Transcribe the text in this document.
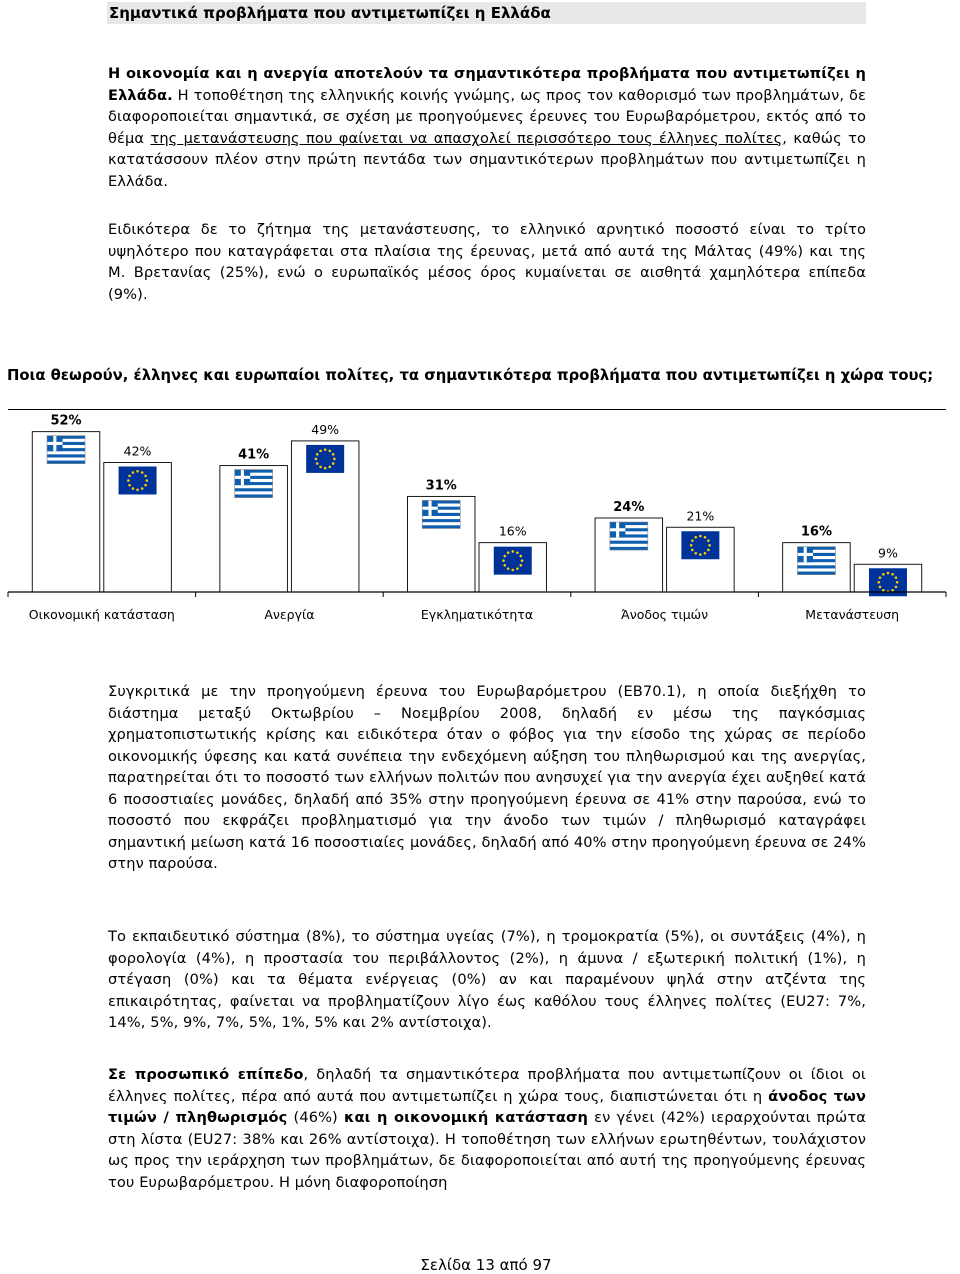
Σημαντικά προβλήματα που αντιμετωπίζει η Ελλάδα
Η οικονομία και η ανεργία αποτελούν τα σημαντικότερα προβλήματα που αντιμετωπίζει η Ελλάδα. Η τοποθέτηση της ελληνικής κοινής γνώμης, ως προς τον καθορισμό των προβλημάτων, δε διαφοροποιείται σημαντικά, σε σχέση με προηγούμενες έρευνες του Ευρωβαρόμετρου, εκτός από το θέμα της μετανάστευσης που φαίνεται να απασχολεί περισσότερο τους έλληνες πολίτες, καθώς το κατατάσσουν πλέον στην πρώτη πεντάδα των σημαντικότερων προβλημάτων που αντιμετωπίζει η Ελλάδα.
Ειδικότερα δε το ζήτημα της μετανάστευσης, το ελληνικό αρνητικό ποσοστό είναι το τρίτο υψηλότερο που καταγράφεται στα πλαίσια της έρευνας, μετά από αυτά της Μάλτας (49%) και της Μ. Βρετανίας (25%), ενώ ο ευρωπαϊκός μέσος όρος κυμαίνεται σε αισθητά χαμηλότερα επίπεδα (9%).
Ποια θεωρούν, έλληνες και ευρωπαίοι πολίτες, τα σημαντικότερα προβλήματα που αντιμετωπίζει η χώρα τους;
52%
42%	41%
49%
31%
16%
24%
21%
16%
9%
Οικονομική κατάσταση	Ανεργία	Εγκληματικότητα	Άνοδος τιμών	Μετανάστευση
Συγκριτικά με την προηγούμενη έρευνα του Ευρωβαρόμετρου (ΕΒ70.1), η οποία διεξήχθη το διάστημα μεταξύ Οκτωβρίου – Νοεμβρίου 2008, δηλαδή εν μέσω της παγκόσμιας χρηματοπιστωτικής κρίσης και ειδικότερα όταν ο φόβος για την είσοδο της χώρας σε περίοδο οικονομικής ύφεσης και κατά συνέπεια την ενδεχόμενη αύξηση του πληθωρισμού και της ανεργίας, παρατηρείται ότι το ποσοστό των ελλήνων πολιτών που ανησυχεί για την ανεργία έχει αυξηθεί κατά 6 ποσοστιαίες μονάδες, δηλαδή από 35% στην προηγούμενη έρευνα σε 41% στην παρούσα, ενώ το ποσοστό που εκφράζει προβληματισμό για την άνοδο των τιμών / πληθωρισμό καταγράφει σημαντική μείωση κατά 16 ποσοστιαίες μονάδες, δηλαδή από 40% στην προηγούμενη έρευνα σε 24% στην παρούσα.
Το εκπαιδευτικό σύστημα (8%), το σύστημα υγείας (7%), η τρομοκρατία (5%), οι συντάξεις (4%), η φορολογία (4%), η προστασία του περιβάλλοντος (2%), η άμυνα / εξωτερική πολιτική (1%), η στέγαση (0%) και τα θέματα ενέργειας (0%) αν και παραμένουν ψηλά στην ατζέντα της επικαιρότητας, φαίνεται να προβληματίζουν λίγο έως καθόλου τους έλληνες πολίτες (EU27: 7%, 14%, 5%, 9%, 7%, 5%, 1%, 5% και 2% αντίστοιχα).
Σε προσωπικό επίπεδο, δηλαδή τα σημαντικότερα προβλήματα που αντιμετωπίζουν οι ίδιοι οι έλληνες πολίτες, πέρα από αυτά που αντιμετωπίζει η χώρα τους, διαπιστώνεται ότι η άνοδος των τιμών / πληθωρισμός (46%) και η οικονομική κατάσταση εν γένει (42%) ιεραρχούνται πρώτα στη λίστα (EU27: 38% και 26% αντίστοιχα). Η τοποθέτηση των ελλήνων ερωτηθέντων, τουλάχιστον ως προς την ιεράρχηση των προβλημάτων, δε διαφοροποιείται από αυτή της προηγούμενης έρευνας του Ευρωβαρόμετρου. Η μόνη διαφοροποίηση
Σελίδα 13 από 97
